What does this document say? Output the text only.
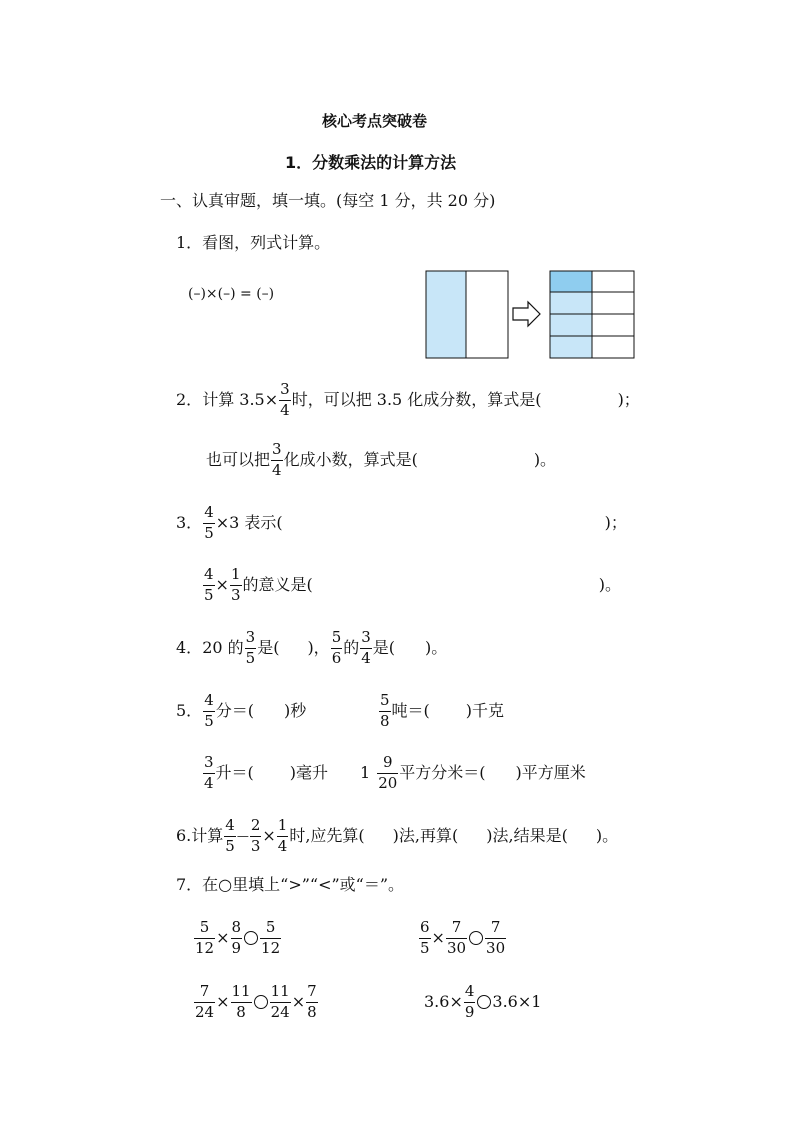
核心考点突破卷
1．分数乘法的计算方法
一、认真审题，填一填。(每空 1 分，共 20 分)
1．看图，列式计算。
(–)×(–) = (–)
2． 计算 $3.5\times \frac{3}{4}$ 时，可以把 3.5 化成分数，算式是(	)；
也可以把 $\frac{3}{4}$ 化成小数，算式是(	)。
3． $\frac{4}{5} \times 3$ 表示(	)；
$\frac{4}{5} \times \frac{1}{3}$ 的意义是(	)。
4． 20 的 $\frac{3}{5}$ 是( )， $\frac{5}{6}$ 的 $\frac{3}{4}$ 是( )。
5． $\frac{4}{5}$ 分＝( )秒	$\frac{5}{8}$ 吨＝( )千克
$\frac{3}{4}$ 升＝( )毫升 $1 \frac{9}{20}$ 平方分米＝( )平方厘米
6.计算 $\frac{4}{5}$ — $\frac{2}{3} \times \frac{1}{4}$ 时,应先算( )法,再算( )法,结果是( )。
7．在○里填上“>”“<”或“＝”。
$\frac{5}{12} \times \frac{8}{9} \frac{5}{12}$	$\frac{6}{5} \times \frac{7}{30} \frac{7}{30}$
$\frac{7}{24} \times \frac{11}{8} \frac{11}{24} \times \frac{7}{8}$	$3.6\times \frac{4}{9} 3.6\times 1$
